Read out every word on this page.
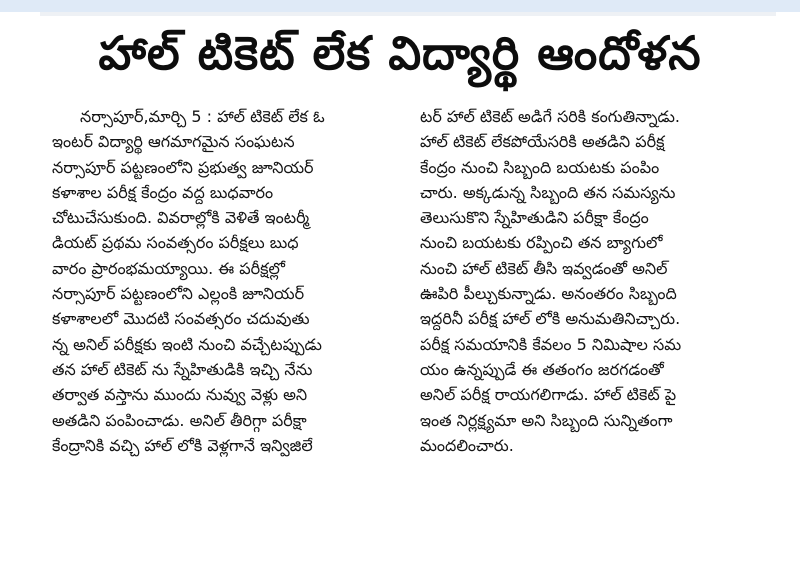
హాల్ టికెట్ లేక విద్యార్థి ఆందోళన
నర్సాపూర్,మార్చి 5 : హాల్ టికెట్ లేక ఓ
ఇంటర్ విద్యార్థి ఆగమాగమైన సంఘటన
నర్సాపూర్ పట్టణంలోని ప్రభుత్వ జూనియర్
కళాశాల పరీక్ష కేంద్రం వద్ద బుధవారం
చోటుచేసుకుంది. వివరాల్లోకి వెళితే ఇంటర్మీ
డియట్ ప్రథమ సంవత్సరం పరీక్షలు బుధ
వారం ప్రారంభమయ్యాయి. ఈ పరీక్షల్లో
నర్సాపూర్ పట్టణంలోని ఎల్లంకి జూనియర్
కళాశాలలో మొదటి సంవత్సరం చదువుతు
న్న అనిల్ పరీక్షకు ఇంటి నుంచి వచ్చేటప్పుడు
తన హాల్ టికెట్ ను స్నేహితుడికి ఇచ్చి నేను
తర్వాత వస్తాను ముందు నువ్వు వెళ్లు అని
అతడిని పంపించాడు. అనిల్ తీరిగ్గా పరీక్షా
కేంద్రానికి వచ్చి హాల్ లోకి వెళ్లగానే ఇన్విజిలే
టర్ హాల్ టికెట్ అడిగే సరికి కంగుతిన్నాడు.
హాల్ టికెట్ లేకపోయేసరికి అతడిని పరీక్ష
కేంద్రం నుంచి సిబ్బంది బయటకు పంపిం
చారు. అక్కడున్న సిబ్బంది తన సమస్యను
తెలుసుకొని స్నేహితుడిని పరీక్షా కేంద్రం
నుంచి బయటకు రప్పించి తన బ్యాగులో
నుంచి హాల్ టికెట్ తీసి ఇవ్వడంతో అనిల్
ఊపిరి పీల్చుకున్నాడు. అనంతరం సిబ్బంది
ఇద్దరినీ పరీక్ష హాల్ లోకి అనుమతినిచ్చారు.
పరీక్ష సమయానికి కేవలం 5 నిమిషాల సమ
యం ఉన్నప్పుడే ఈ తతంగం జరగడంతో
అనిల్ పరీక్ష రాయగలిగాడు. హాల్ టికెట్ పై
ఇంత నిర్లక్ష్యమా అని సిబ్బంది సున్నితంగా
మందలించారు.
